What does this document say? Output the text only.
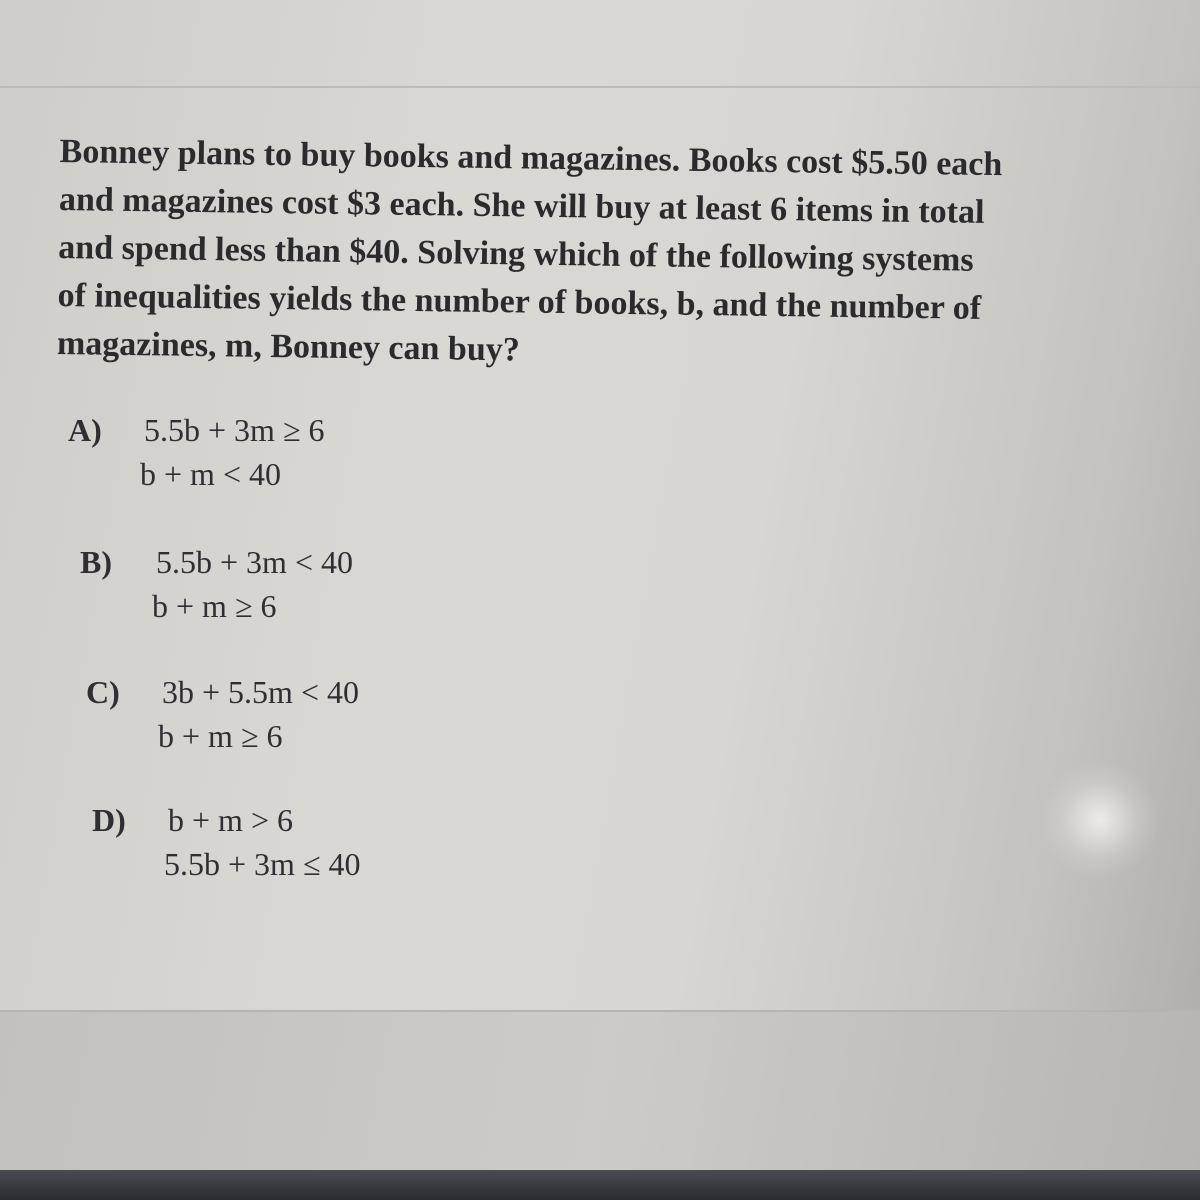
Bonney plans to buy books and magazines. Books cost $5.50 each
and magazines cost $3 each. She will buy at least 6 items in total
and spend less than $40. Solving which of the following systems
of inequalities yields the number of books, b, and the number of
magazines, m, Bonney can buy?

A) 5.5b + 3m ≥ 6
b + m < 40
B) 5.5b + 3m < 40
b + m ≥ 6
C) 3b + 5.5m < 40
b + m ≥ 6
D) b + m > 6
5.5b + 3m ≤ 40
